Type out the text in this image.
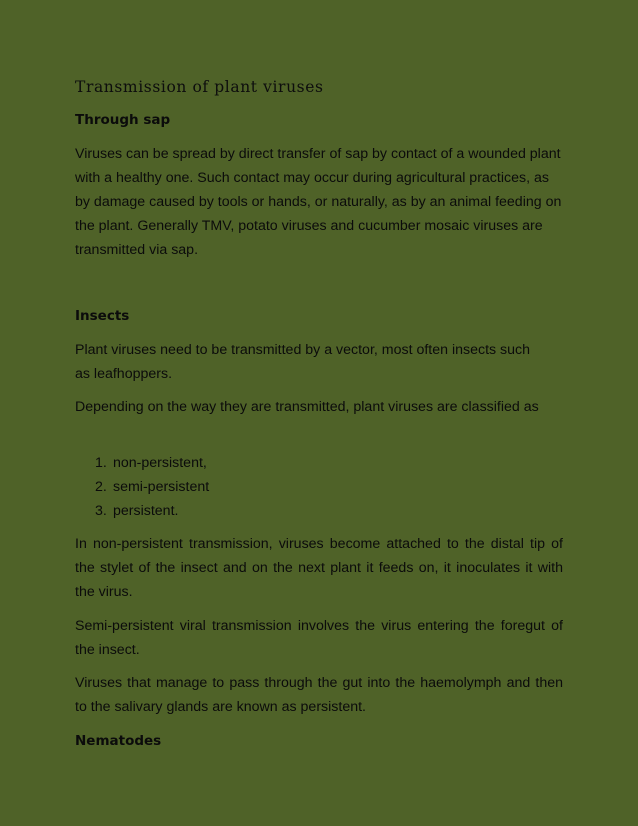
Transmission of plant viruses
Through sap
Viruses can be spread by direct transfer of sap by contact of a wounded plant with a healthy one. Such contact may occur during agricultural practices, as by damage caused by tools or hands, or naturally, as by an animal feeding on the plant. Generally TMV, potato viruses and cucumber mosaic viruses are transmitted via sap.
Insects
Plant viruses need to be transmitted by a vector, most often insects such as leafhoppers.
Depending on the way they are transmitted, plant viruses are classified as
1. non-persistent,
2. semi-persistent
3. persistent.
In non-persistent transmission, viruses become attached to the distal tip of the stylet of the insect and on the next plant it feeds on, it inoculates it with the virus.
Semi-persistent viral transmission involves the virus entering the foregut of the insect.
Viruses that manage to pass through the gut into the haemolymph and then to the salivary glands are known as persistent.
Nematodes
